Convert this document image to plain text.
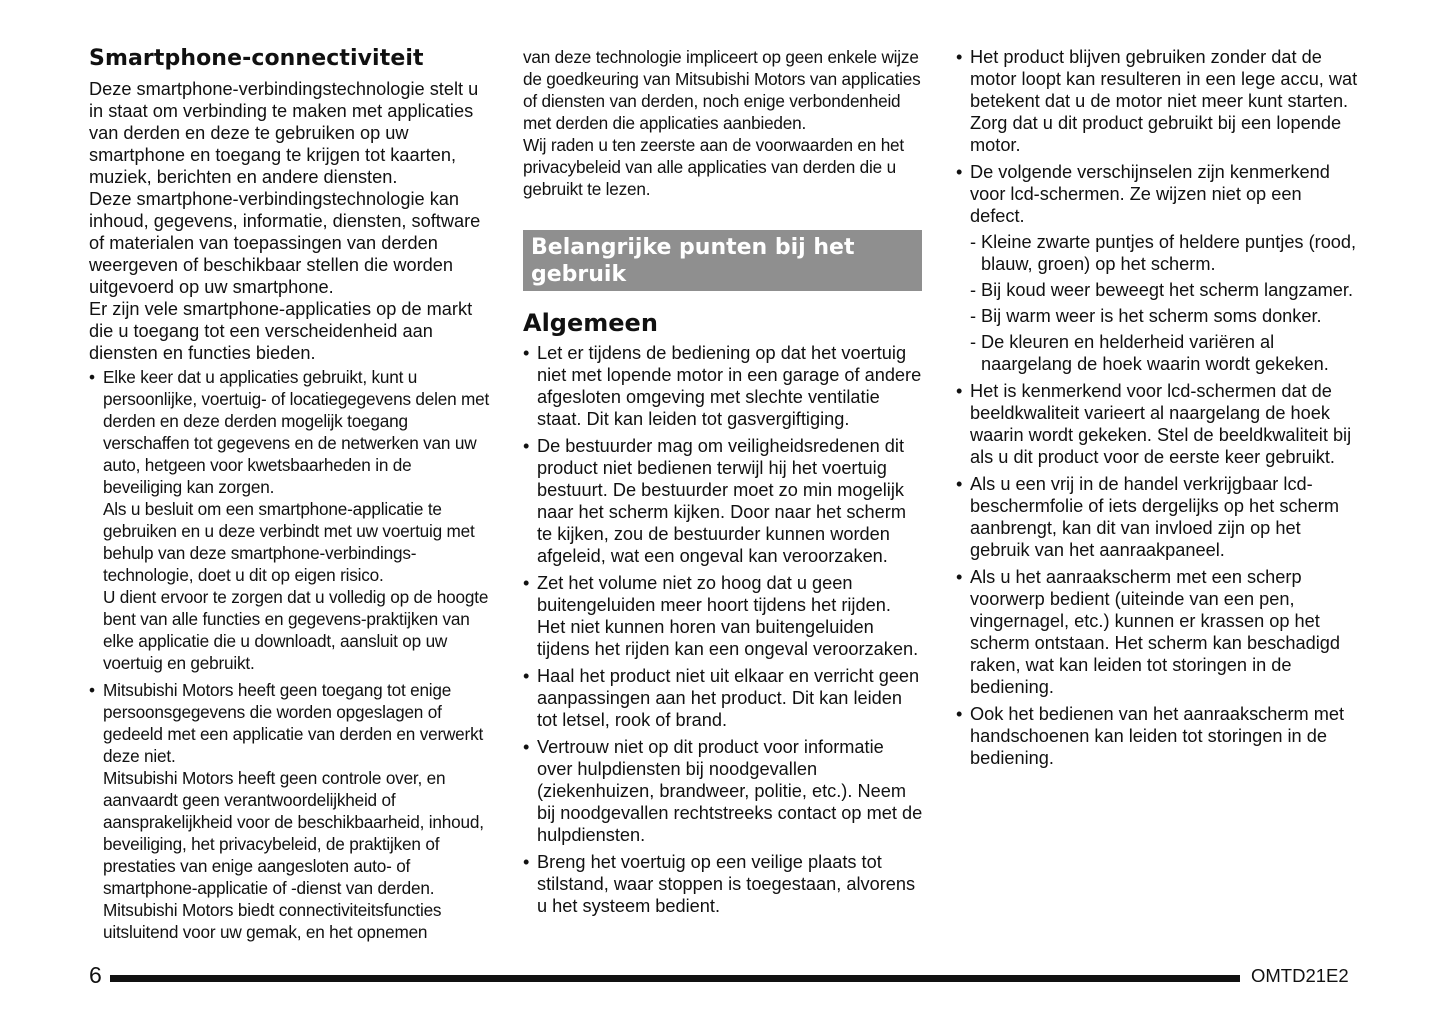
Smartphone-connectiviteit

Deze smartphone-verbindingstechnologie stelt u in staat om verbinding te maken met applicaties van derden en deze te gebruiken op uw smartphone en toegang te krijgen tot kaarten, muziek, berichten en andere diensten.

Deze smartphone-verbindingstechnologie kan inhoud, gegevens, informatie, diensten, software of materialen van toepassingen van derden weergeven of beschikbaar stellen die worden uitgevoerd op uw smartphone.

Er zijn vele smartphone-applicaties op de markt die u toegang tot een verscheidenheid aan diensten en functies bieden.

• Elke keer dat u applicaties gebruikt, kunt u persoonlijke, voertuig- of locatiegegevens delen met derden en deze derden mogelijk toegang verschaffen tot gegevens en de netwerken van uw auto, hetgeen voor kwetsbaarheden in de beveiliging kan zorgen.

Als u besluit om een smartphone-applicatie te gebruiken en u deze verbindt met uw voertuig met behulp van deze smartphone-verbindings-technologie, doet u dit op eigen risico.

U dient ervoor te zorgen dat u volledig op de hoogte bent van alle functies en gegevens-praktijken van elke applicatie die u downloadt, aansluit op uw voertuig en gebruikt.

• Mitsubishi Motors heeft geen toegang tot enige persoonsgegevens die worden opgeslagen of gedeeld met een applicatie van derden en verwerkt deze niet.

Mitsubishi Motors heeft geen controle over, en aanvaardt geen verantwoordelijkheid of aansprakelijkheid voor de beschikbaarheid, inhoud, beveiliging, het privacybeleid, de praktijken of prestaties van enige aangesloten auto- of smartphone-applicatie of -dienst van derden. Mitsubishi Motors biedt connectiviteitsfuncties uitsluitend voor uw gemak, en het opnemen

van deze technologie impliceert op geen enkele wijze de goedkeuring van Mitsubishi Motors van applicaties of diensten van derden, noch enige verbondenheid met derden die applicaties aanbieden.

Wij raden u ten zeerste aan de voorwaarden en het privacybeleid van alle applicaties van derden die u gebruikt te lezen.

Belangrijke punten bij het gebruik
Algemeen
• Let er tijdens de bediening op dat het voertuig niet met lopende motor in een garage of andere afgesloten omgeving met slechte ventilatie staat. Dit kan leiden tot gasvergiftiging.
• De bestuurder mag om veiligheidsredenen dit product niet bedienen terwijl hij het voertuig bestuurt. De bestuurder moet zo min mogelijk naar het scherm kijken. Door naar het scherm te kijken, zou de bestuurder kunnen worden afgeleid, wat een ongeval kan veroorzaken.
• Zet het volume niet zo hoog dat u geen buitengeluiden meer hoort tijdens het rijden. Het niet kunnen horen van buitengeluiden tijdens het rijden kan een ongeval veroorzaken.
• Haal het product niet uit elkaar en verricht geen aanpassingen aan het product. Dit kan leiden tot letsel, rook of brand.
• Vertrouw niet op dit product voor informatie over hulpdiensten bij noodgevallen (ziekenhuizen, brandweer, politie, etc.). Neem bij noodgevallen rechtstreeks contact op met de hulpdiensten.
• Breng het voertuig op een veilige plaats tot stilstand, waar stoppen is toegestaan, alvorens u het systeem bedient.

• Het product blijven gebruiken zonder dat de motor loopt kan resulteren in een lege accu, wat betekent dat u de motor niet meer kunt starten.

Zorg dat u dit product gebruikt bij een lopende motor.

• De volgende verschijnselen zijn kenmerkend voor lcd-schermen. Ze wijzen niet op een defect.

- Kleine zwarte puntjes of heldere puntjes (rood, blauw, groen) op het scherm.
- Bij koud weer beweegt het scherm langzamer.
- Bij warm weer is het scherm soms donker.
- De kleuren en helderheid variëren al naargelang de hoek waarin wordt gekeken.
• Het is kenmerkend voor lcd-schermen dat de beeldkwaliteit varieert al naargelang de hoek waarin wordt gekeken. Stel de beeldkwaliteit bij als u dit product voor de eerste keer gebruikt.
• Als u een vrij in de handel verkrijgbaar lcd-beschermfolie of iets dergelijks op het scherm aanbrengt, kan dit van invloed zijn op het gebruik van het aanraakpaneel.
• Als u het aanraakscherm met een scherp voorwerp bedient (uiteinde van een pen, vingernagel, etc.) kunnen er krassen op het scherm ontstaan. Het scherm kan beschadigd raken, wat kan leiden tot storingen in de bediening.
• Ook het bedienen van het aanraakscherm met handschoenen kan leiden tot storingen in de bediening.
6	OMTD21E2
